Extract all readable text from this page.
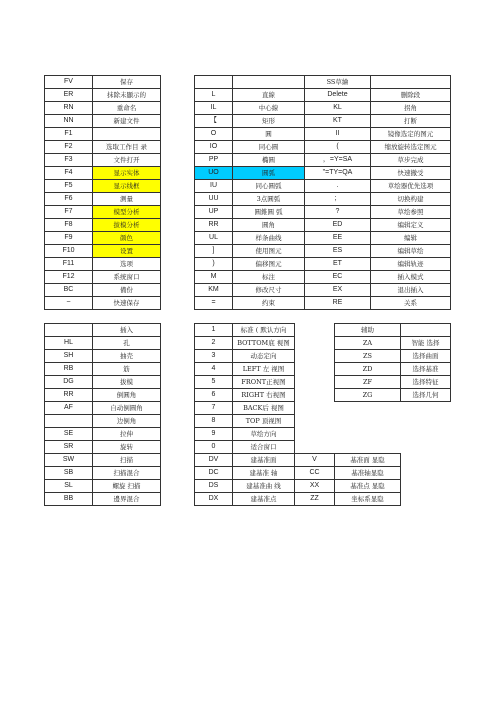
FV	保存
ER	抹除未顯示的
RN	重命名
NN	新建文件
F1	
F2	选取工作目 录
F3	文件打开
F4	显示实体
F5	显示线框
F6	测量
F7	模型分析
F8	拔模分析
F9	颜色
F10	设置
F11	选项
F12	系统窗口
BC	備份
~	快速保存
		SS草繪	
L	直線	Delete	删除段
IL	中心線	KL	拐角
【	矩形	KT	打断
O	圓	II	镜像选定的图元
IO	同心圓	(	缩放旋转选定图元
PP	橢圓	，=Y=SA	草步完成
UO	圓弧	"=TY=QA	快速撤受
IU	同心圓弧	.	草绘器优先选项
UU	3点圓弧	；	切换构建
UP	圓錐圓 弧	?	草绘参照
RR	圓角	ED	编辑定义
UL	样条曲线	EE	编辑
]	使用图元	ES	编辑草绘
)	偏移图元	ET	编辑轨迹
M	标注	EC	插入模式
KM	修改尺寸	EX	退出插入
=	约束	RE	关系
	插入
HL	孔
SH	抽壳
RB	筋
DG	拔模
RR	倒圓角
AF	自动倒圓角
	边倒角
SE	拉伸
SR	旋转
SW	扫描
SB	扫描混合
SL	螺旋 扫描
BB	邊界混合
1	标准 ( 默认方向		辅助	
2	BOTTOM底 視图		ZA	智能 选择
3	动态定向		ZS	选择曲面
4	LEFT 左 视图		ZD	选择基准
5	FRONT正视图		ZF	选择特征
6	RIGHT 右视图		ZG	选择几何
7	BACK后 视图			
8	TOP 顶视图			
9	草绘方向			
0	适合窗口			
DV	建基准面	V	基准面 显隐	
DC	建基准 轴	CC	基准轴显隐	
DS	建基准曲 线	XX	基准点 显隐	
DX	建基准点	ZZ	坐标系显隐	
